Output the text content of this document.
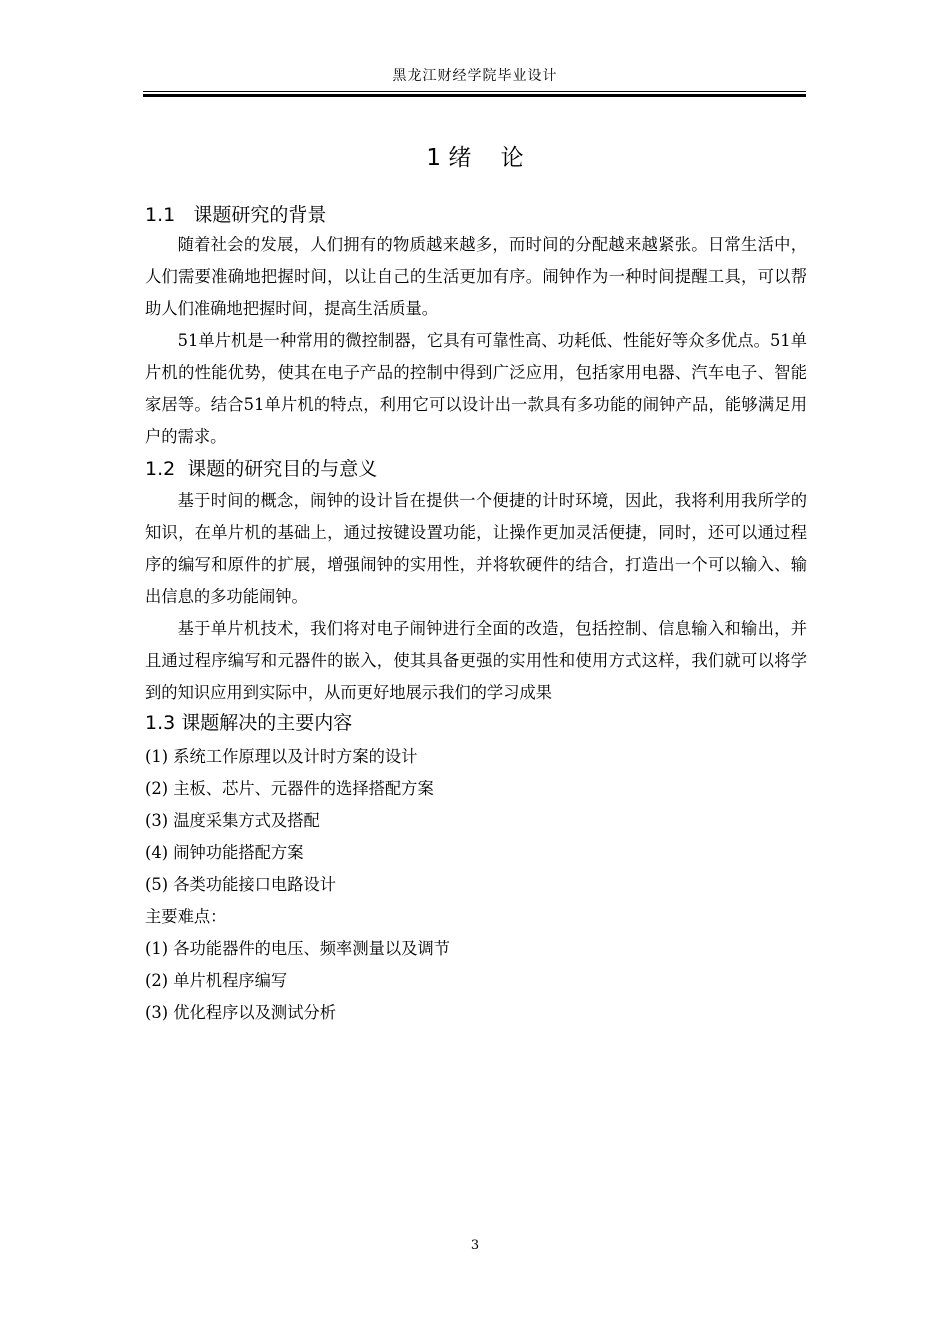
黑龙江财经学院毕业设计
1 绪    论
1.1   课题研究的背景

随着社会的发展，人们拥有的物质越来越多，而时间的分配越来越紧张。日常生活中，人们需要准确地把握时间，以让自己的生活更加有序。闹钟作为一种时间提醒工具，可以帮助人们准确地把握时间，提高生活质量。

51单片机是一种常用的微控制器，它具有可靠性高、功耗低、性能好等众多优点。51单片机的性能优势，使其在电子产品的控制中得到广泛应用，包括家用电器、汽车电子、智能家居等。结合51单片机的特点，利用它可以设计出一款具有多功能的闹钟产品，能够满足用户的需求。

1.2  课题的研究目的与意义

基于时间的概念，闹钟的设计旨在提供一个便捷的计时环境，因此，我将利用我所学的知识，在单片机的基础上，通过按键设置功能，让操作更加灵活便捷，同时，还可以通过程序的编写和原件的扩展，增强闹钟的实用性，并将软硬件的结合，打造出一个可以输入、输出信息的多功能闹钟。

基于单片机技术，我们将对电子闹钟进行全面的改造，包括控制、信息输入和输出，并且通过程序编写和元器件的嵌入，使其具备更强的实用性和使用方式这样，我们就可以将学到的知识应用到实际中，从而更好地展示我们的学习成果

1.3 课题解决的主要内容
(1) 系统工作原理以及计时方案的设计
(2) 主板、芯片、元器件的选择搭配方案
(3) 温度采集方式及搭配
(4) 闹钟功能搭配方案
(5) 各类功能接口电路设计
主要难点：
(1) 各功能器件的电压、频率测量以及调节
(2) 单片机程序编写
(3) 优化程序以及测试分析
3
